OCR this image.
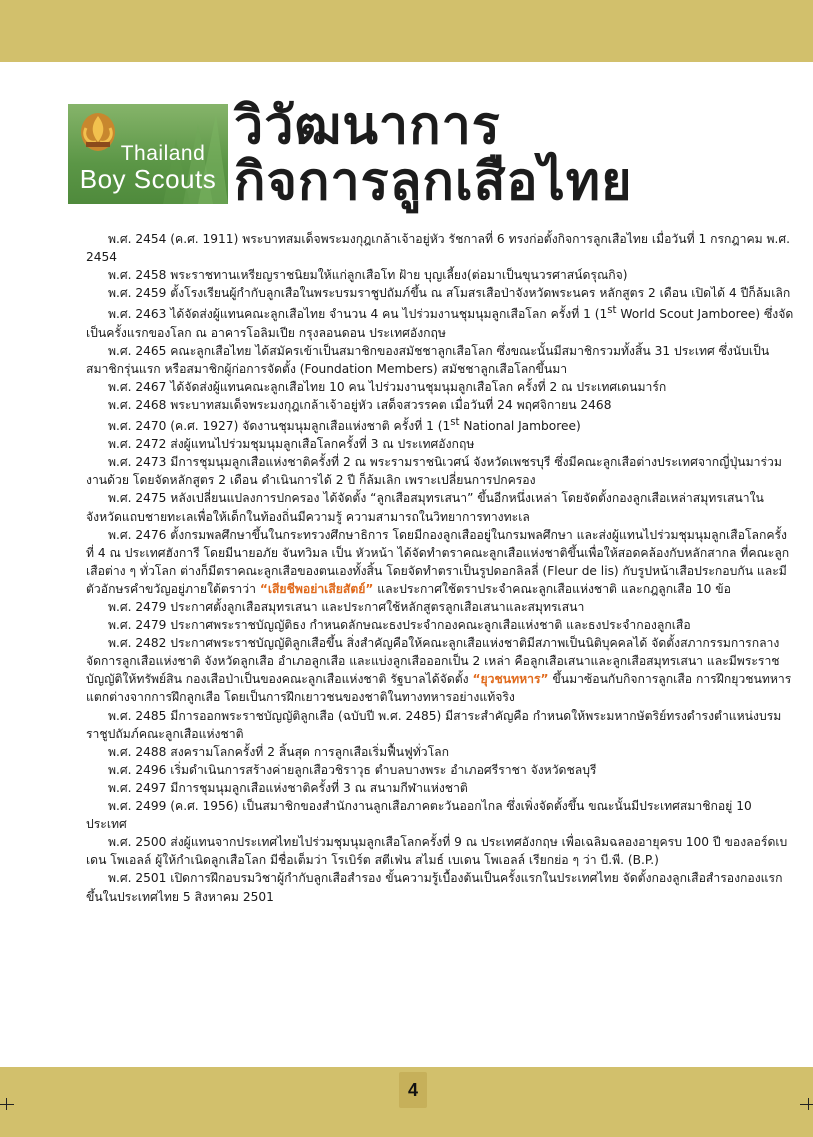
Thailand
Boy Scouts
วิวัฒนาการ
กิจการลูกเสือไทย

พ.ศ. 2454 (ค.ศ. 1911) พระบาทสมเด็จพระมงกุฎเกล้าเจ้าอยู่หัว รัชกาลที่ 6 ทรงก่อตั้งกิจการลูกเสือไทย เมื่อวันที่ 1 กรกฎาคม พ.ศ. 2454

พ.ศ. 2458 พระราชทานเหรียญราชนิยมให้แก่ลูกเสือโท ฝ้าย บุญเลี้ยง(ต่อมาเป็นขุนวรศาสน์ดรุณกิจ)

พ.ศ. 2459 ตั้งโรงเรียนผู้กำกับลูกเสือในพระบรมราชูปถัมภ์ขึ้น ณ สโมสรเสือป่าจังหวัดพระนคร หลักสูตร 2 เดือน เปิดได้ 4 ปีก็ล้มเลิก

พ.ศ. 2463 ได้จัดส่งผู้แทนคณะลูกเสือไทย จำนวน 4 คน ไปร่วมงานชุมนุมลูกเสือโลก ครั้งที่ 1 (1st World Scout Jamboree) ซึ่งจัดเป็นครั้งแรกของโลก ณ อาคารโอลิมเปีย กรุงลอนดอน ประเทศอังกฤษ

พ.ศ. 2465 คณะลูกเสือไทย ได้สมัครเข้าเป็นสมาชิกของสมัชชาลูกเสือโลก ซึ่งขณะนั้นมีสมาชิกรวมทั้งสิ้น 31 ประเทศ ซึ่งนับเป็นสมาชิกรุ่นแรก หรือสมาชิกผู้ก่อการจัดตั้ง (Foundation Members) สมัชชาลูกเสือโลกขึ้นมา

พ.ศ. 2467 ได้จัดส่งผู้แทนคณะลูกเสือไทย 10 คน ไปร่วมงานชุมนุมลูกเสือโลก ครั้งที่ 2 ณ ประเทศเดนมาร์ก

พ.ศ. 2468 พระบาทสมเด็จพระมงกุฎเกล้าเจ้าอยู่หัว เสด็จสวรรคต เมื่อวันที่ 24 พฤศจิกายน 2468

พ.ศ. 2470 (ค.ศ. 1927) จัดงานชุมนุมลูกเสือแห่งชาติ ครั้งที่ 1 (1st National Jamboree)

พ.ศ. 2472 ส่งผู้แทนไปร่วมชุมนุมลูกเสือโลกครั้งที่ 3 ณ ประเทศอังกฤษ

พ.ศ. 2473 มีการชุมนุมลูกเสือแห่งชาติครั้งที่ 2 ณ พระรามราชนิเวศน์ จังหวัดเพชรบุรี ซึ่งมีคณะลูกเสือต่างประเทศจากญี่ปุ่นมาร่วมงานด้วย โดยจัดหลักสูตร 2 เดือน ดำเนินการได้ 2 ปี ก็ล้มเลิก เพราะเปลี่ยนการปกครอง

พ.ศ. 2475 หลังเปลี่ยนแปลงการปกครอง ได้จัดตั้ง “ลูกเสือสมุทรเสนา” ขึ้นอีกหนึ่งเหล่า โดยจัดตั้งกองลูกเสือเหล่าสมุทรเสนาในจังหวัดแถบชายทะเลเพื่อให้เด็กในท้องถิ่นมีความรู้ ความสามารถในวิทยาการทางทะเล

พ.ศ. 2476 ตั้งกรมพลศึกษาขึ้นในกระทรวงศึกษาธิการ โดยมีกองลูกเสืออยู่ในกรมพลศึกษา และส่งผู้แทนไปร่วมชุมนุมลูกเสือโลกครั้งที่ 4 ณ ประเทศฮังการี โดยมีนายอภัย จันทวิมล เป็น หัวหน้า ได้จัดทำตราคณะลูกเสือแห่งชาติขึ้นเพื่อให้สอดคล้องกับหลักสากล ที่คณะลูกเสือต่าง ๆ ทั่วโลก ต่างก็มีตราคณะลูกเสือของตนเองทั้งสิ้น โดยจัดทำตราเป็นรูปดอกลิลลี่ (Fleur de lis) กับรูปหน้าเสือประกอบกัน และมีตัวอักษรคำขวัญอยู่ภายใต้ตราว่า “เสียชีพอย่าเสียสัตย์” และประกาศใช้ตราประจำคณะลูกเสือแห่งชาติ และกฎลูกเสือ 10 ข้อ

พ.ศ. 2479 ประกาศตั้งลูกเสือสมุทรเสนา และประกาศใช้หลักสูตรลูกเสือเสนาและสมุทรเสนา

พ.ศ. 2479 ประกาศพระราชบัญญัติธง กำหนดลักษณะธงประจำกองคณะลูกเสือแห่งชาติ และธงประจำกองลูกเสือ

พ.ศ. 2482 ประกาศพระราชบัญญัติลูกเสือขึ้น สิ่งสำคัญคือให้คณะลูกเสือแห่งชาติมีสภาพเป็นนิติบุคคลได้ จัดตั้งสภากรรมการกลางจัดการลูกเสือแห่งชาติ จังหวัดลูกเสือ อำเภอลูกเสือ และแบ่งลูกเสือออกเป็น 2 เหล่า คือลูกเสือเสนาและลูกเสือสมุทรเสนา และมีพระราชบัญญัติให้ทรัพย์สิน กองเสือป่าเป็นของคณะลูกเสือแห่งชาติ รัฐบาลได้จัดตั้ง “ยุวชนทหาร” ขึ้นมาซ้อนกับกิจการลูกเสือ การฝึกยุวชนทหารแตกต่างจากการฝึกลูกเสือ โดยเป็นการฝึกเยาวชนของชาติในทางทหารอย่างแท้จริง

พ.ศ. 2485 มีการออกพระราชบัญญัติลูกเสือ (ฉบับปี พ.ศ. 2485) มีสาระสำคัญคือ กำหนดให้พระมหากษัตริย์ทรงดำรงตำแหน่งบรมราชูปถัมภ์คณะลูกเสือแห่งชาติ

พ.ศ. 2488 สงครามโลกครั้งที่ 2 สิ้นสุด การลูกเสือเริ่มฟื้นฟูทั่วโลก

พ.ศ. 2496 เริ่มดำเนินการสร้างค่ายลูกเสือวชิราวุธ ตำบลบางพระ อำเภอศรีราชา จังหวัดชลบุรี

พ.ศ. 2497 มีการชุมนุมลูกเสือแห่งชาติครั้งที่ 3 ณ สนามกีฬาแห่งชาติ

พ.ศ. 2499 (ค.ศ. 1956) เป็นสมาชิกของสำนักงานลูกเสือภาคตะวันออกไกล ซึ่งเพิ่งจัดตั้งขึ้น ขณะนั้นมีประเทศสมาชิกอยู่ 10 ประเทศ

พ.ศ. 2500 ส่งผู้แทนจากประเทศไทยไปร่วมชุมนุมลูกเสือโลกครั้งที่ 9 ณ ประเทศอังกฤษ เพื่อเฉลิมฉลองอายุครบ 100 ปี ของลอร์ดเบเดน โพเอลล์ ผู้ให้กำเนิดลูกเสือโลก มีชื่อเต็มว่า โรเบิร์ต สตีเฟ่น สไมธ์ เบเดน โพเอลล์ เรียกย่อ ๆ ว่า บี.พี. (B.P.)

พ.ศ. 2501 เปิดการฝึกอบรมวิชาผู้กำกับลูกเสือสำรอง ขั้นความรู้เบื้องต้นเป็นครั้งแรกในประเทศไทย จัดตั้งกองลูกเสือสำรองกองแรกขึ้นในประเทศไทย 5 สิงหาคม 2501

4
